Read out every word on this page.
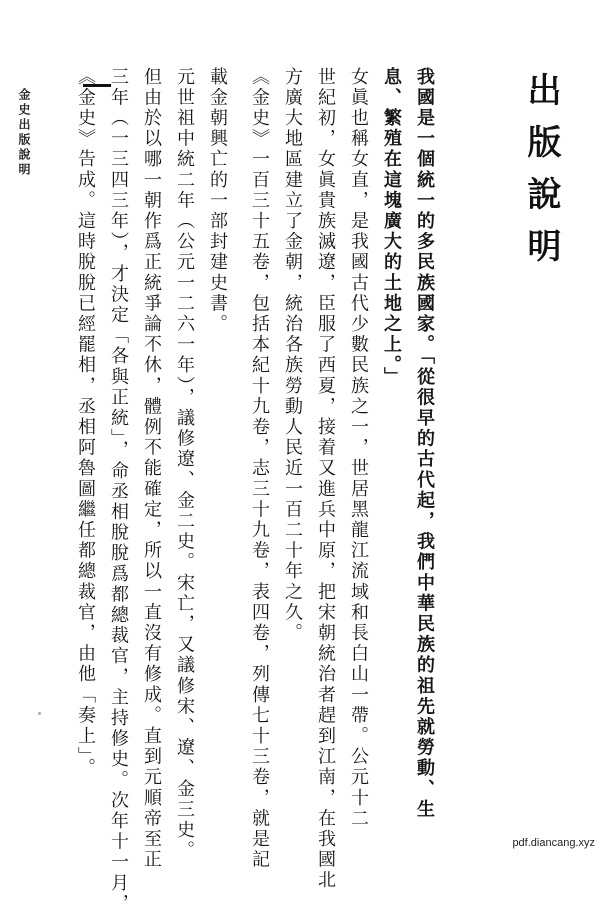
金史出版說明	出版說明
我國是一個統一的多民族國家。「從很早的古代起，我們中華民族的祖先就勞動、生
息、繁殖在這塊廣大的土地之上。」
女眞也稱女直，是我國古代少數民族之一，世居黑龍江流域和長白山一帶。公元十二
世紀初，女眞貴族滅遼，臣服了西夏，接着又進兵中原，把宋朝統治者趕到江南，在我國北
方廣大地區建立了金朝，統治各族勞動人民近一百二十年之久。
《金史》一百三十五卷，包括本紀十九卷，志三十九卷，表四卷，列傳七十三卷，就是記
載金朝興亡的一部封建史書。
元世祖中統二年（公元一二六一年），議修遼、金二史。宋亡，又議修宋、遼、金三史。
但由於以哪一朝作爲正統爭論不休，體例不能確定，所以一直沒有修成。直到元順帝至正
三年（一三四三年），才決定「各與正統」，命丞相脫脫爲都總裁官，主持修史。次年十一月，
《金史》告成。這時脫脫已經罷相，丞相阿魯圖繼任都總裁官，由他「奏上」。
pdf.diancang.xyz
